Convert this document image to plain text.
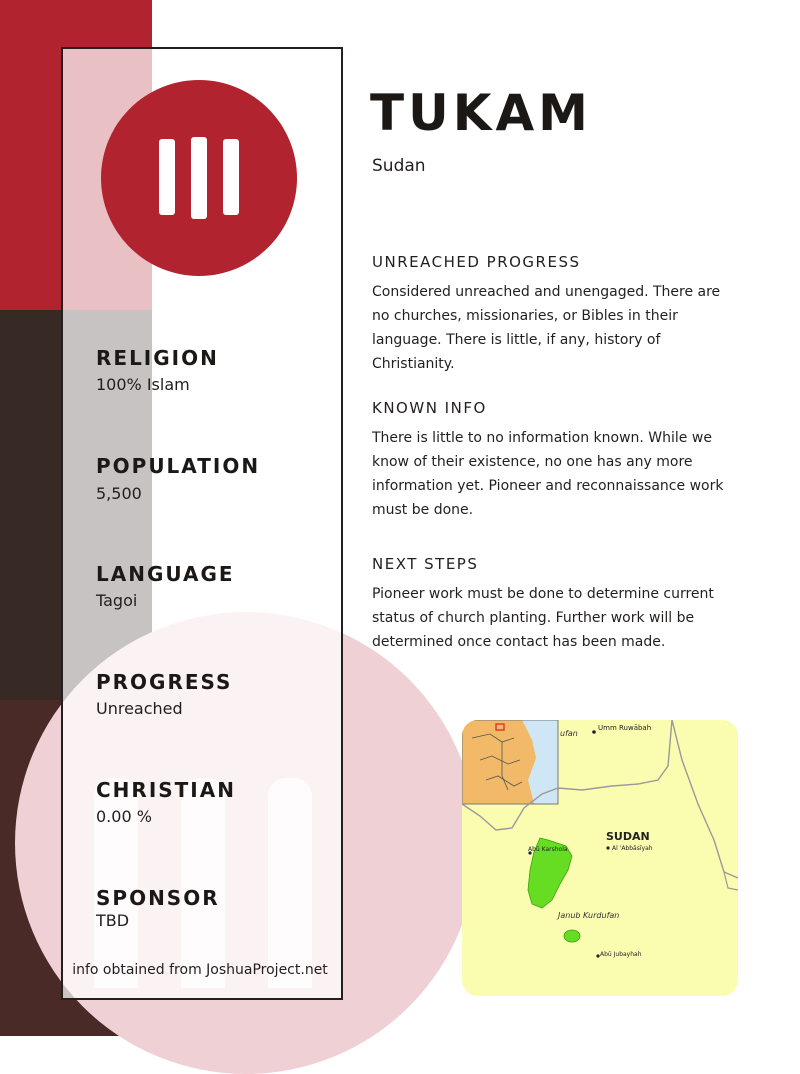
RELIGION
100% Islam
POPULATION
5,500
LANGUAGE
Tagoi
PROGRESS
Unreached
CHRISTIAN
0.00 %
SPONSOR
TBD
info obtained from JoshuaProject.net
TUKAM
Sudan
UNREACHED PROGRESS
Considered unreached and unengaged. There are no churches, missionaries, or Bibles in their language. There is little, if any, history of Christianity.
KNOWN INFO
There is little to no information known. While we know of their existence, no one has any more information yet. Pioneer and reconnaissance work must be done.
NEXT STEPS
Pioneer work must be done to determine current status of church planting. Further work will be determined once contact has been made.
Umm Ruwābah
ufan
SUDAN
Abū Karshola	Al 'Abbāsīyah
Janub Kurdufan
Abū Jubayhah
